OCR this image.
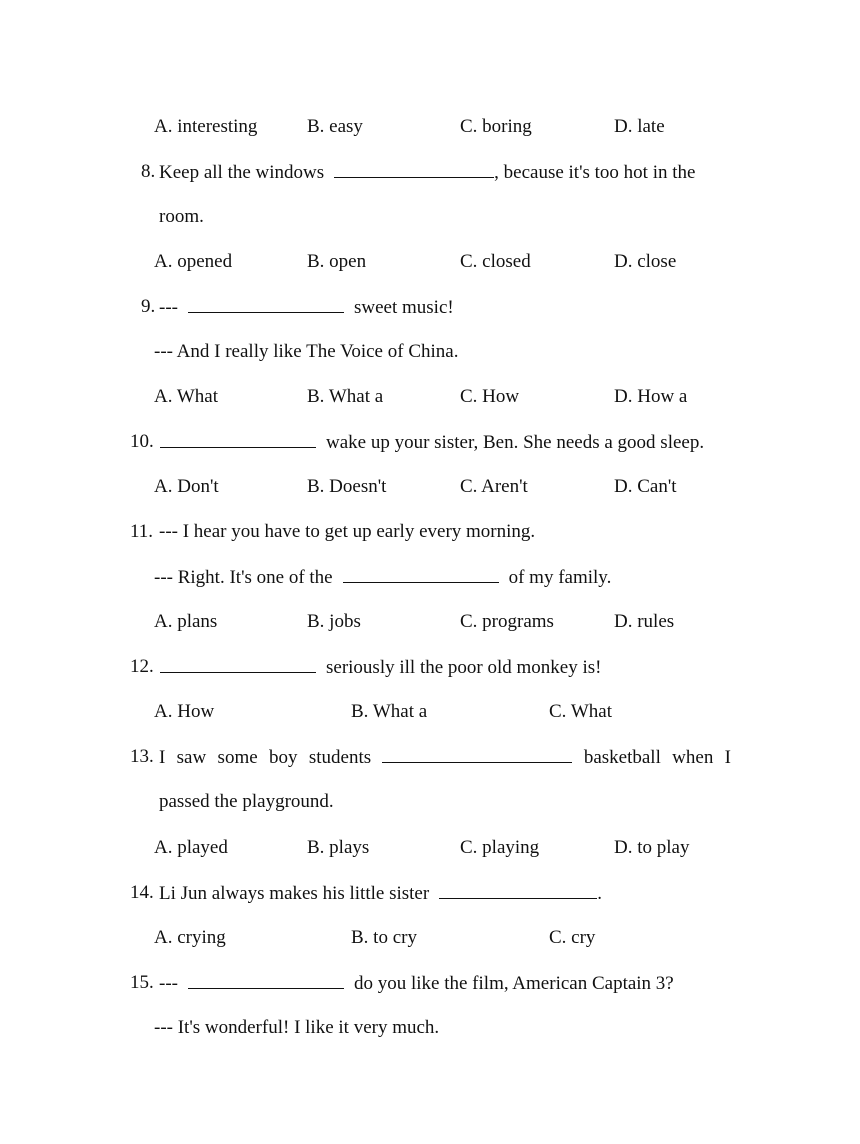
A. interesting	B. easy	C. boring	D. late
8. Keep all the windows	, because it's too hot in the
room.
A. opened	B. open	C. closed	D. close
9. ---	sweet music!
--- And I really like The Voice of China.
A. What	B. What a	C. How	D. How a
10.	wake up your sister, Ben. She needs a good sleep.
A. Don't	B. Doesn't	C. Aren't	D. Can't
11. --- I hear you have to get up early every morning.
--- Right. It's one of the	of my family.
A. plans	B. jobs	C. programs	D. rules
12.	seriously ill the poor old monkey is!
A. How	B. What a	C. What
13. I saw some boy students	basketball when I
passed the playground.
A. played	B. plays	C. playing	D. to play
14. Li Jun always makes his little sister	.
A. crying	B. to cry	C. cry
15. ---	do you like the film, American Captain 3?
--- It's wonderful! I like it very much.
